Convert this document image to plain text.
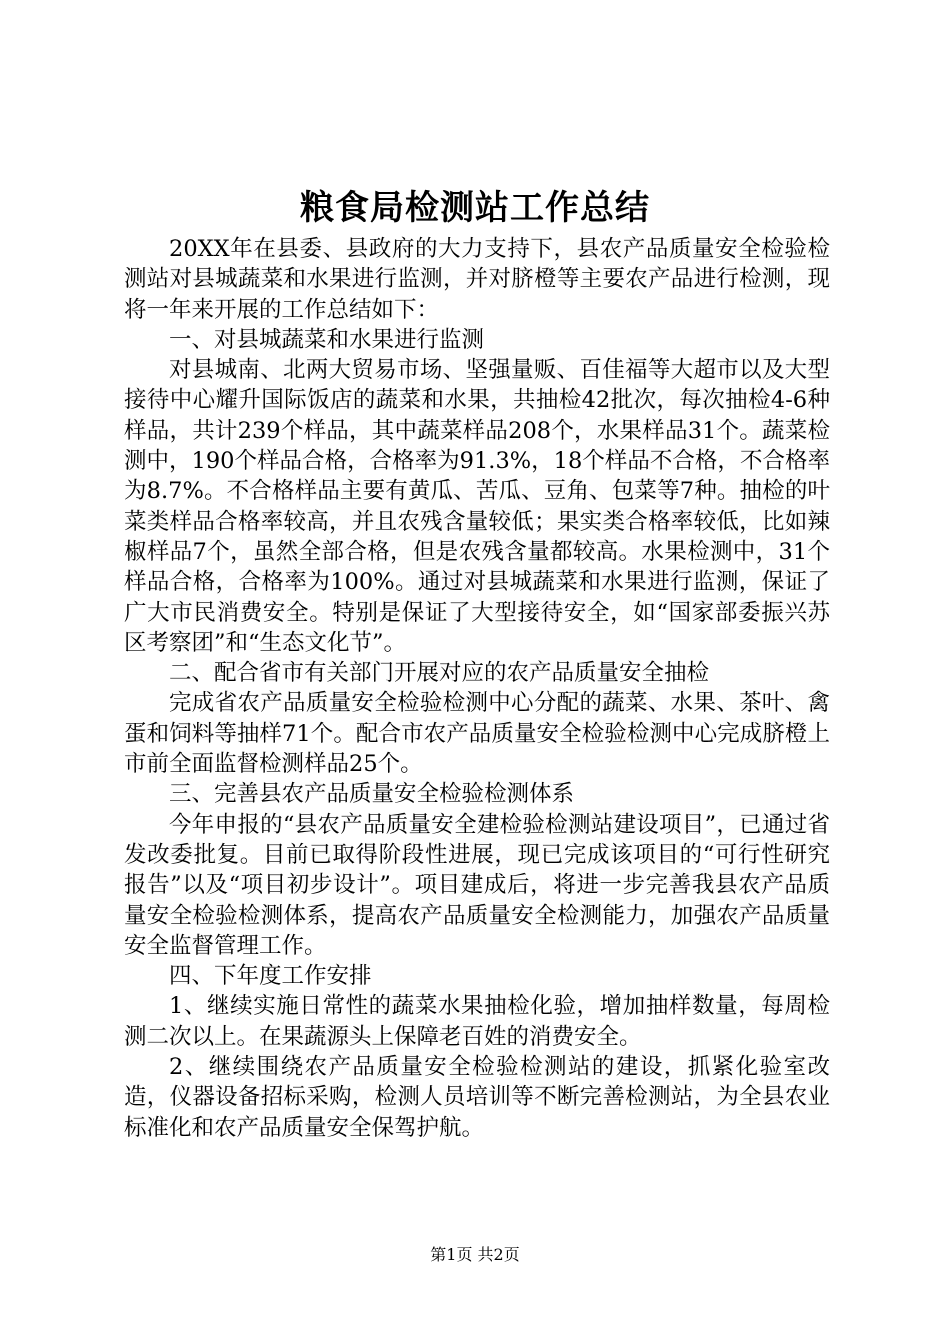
粮食局检测站工作总结

20XX年在县委、县政府的大力支持下，县农产品质量安全检验检测站对县城蔬菜和水果进行监测，并对脐橙等主要农产品进行检测，现将一年来开展的工作总结如下：

一、对县城蔬菜和水果进行监测

对县城南、北两大贸易市场、坚强量贩、百佳福等大超市以及大型接待中心耀升国际饭店的蔬菜和水果，共抽检42批次，每次抽检4-6种样品，共计239个样品，其中蔬菜样品208个，水果样品31个。蔬菜检测中，190个样品合格，合格率为91.3%，18个样品不合格，不合格率为8.7%。不合格样品主要有黄瓜、苦瓜、豆角、包菜等7种。抽检的叶菜类样品合格率较高，并且农残含量较低；果实类合格率较低，比如辣椒样品7个，虽然全部合格，但是农残含量都较高。水果检测中，31个样品合格，合格率为100%。通过对县城蔬菜和水果进行监测，保证了广大市民消费安全。特别是保证了大型接待安全，如“国家部委振兴苏区考察团”和“生态文化节”。

二、配合省市有关部门开展对应的农产品质量安全抽检

完成省农产品质量安全检验检测中心分配的蔬菜、水果、茶叶、禽蛋和饲料等抽样71个。配合市农产品质量安全检验检测中心完成脐橙上市前全面监督检测样品25个。

三、完善县农产品质量安全检验检测体系

今年申报的“县农产品质量安全建检验检测站建设项目”，已通过省发改委批复。目前已取得阶段性进展，现已完成该项目的“可行性研究报告”以及“项目初步设计”。项目建成后，将进一步完善我县农产品质量安全检验检测体系，提高农产品质量安全检测能力，加强农产品质量安全监督管理工作。

四、下年度工作安排

1、继续实施日常性的蔬菜水果抽检化验，增加抽样数量，每周检测二次以上。在果蔬源头上保障老百姓的消费安全。

2、继续围绕农产品质量安全检验检测站的建设，抓紧化验室改造，仪器设备招标采购，检测人员培训等不断完善检测站，为全县农业标准化和农产品质量安全保驾护航。

第1页 共2页
